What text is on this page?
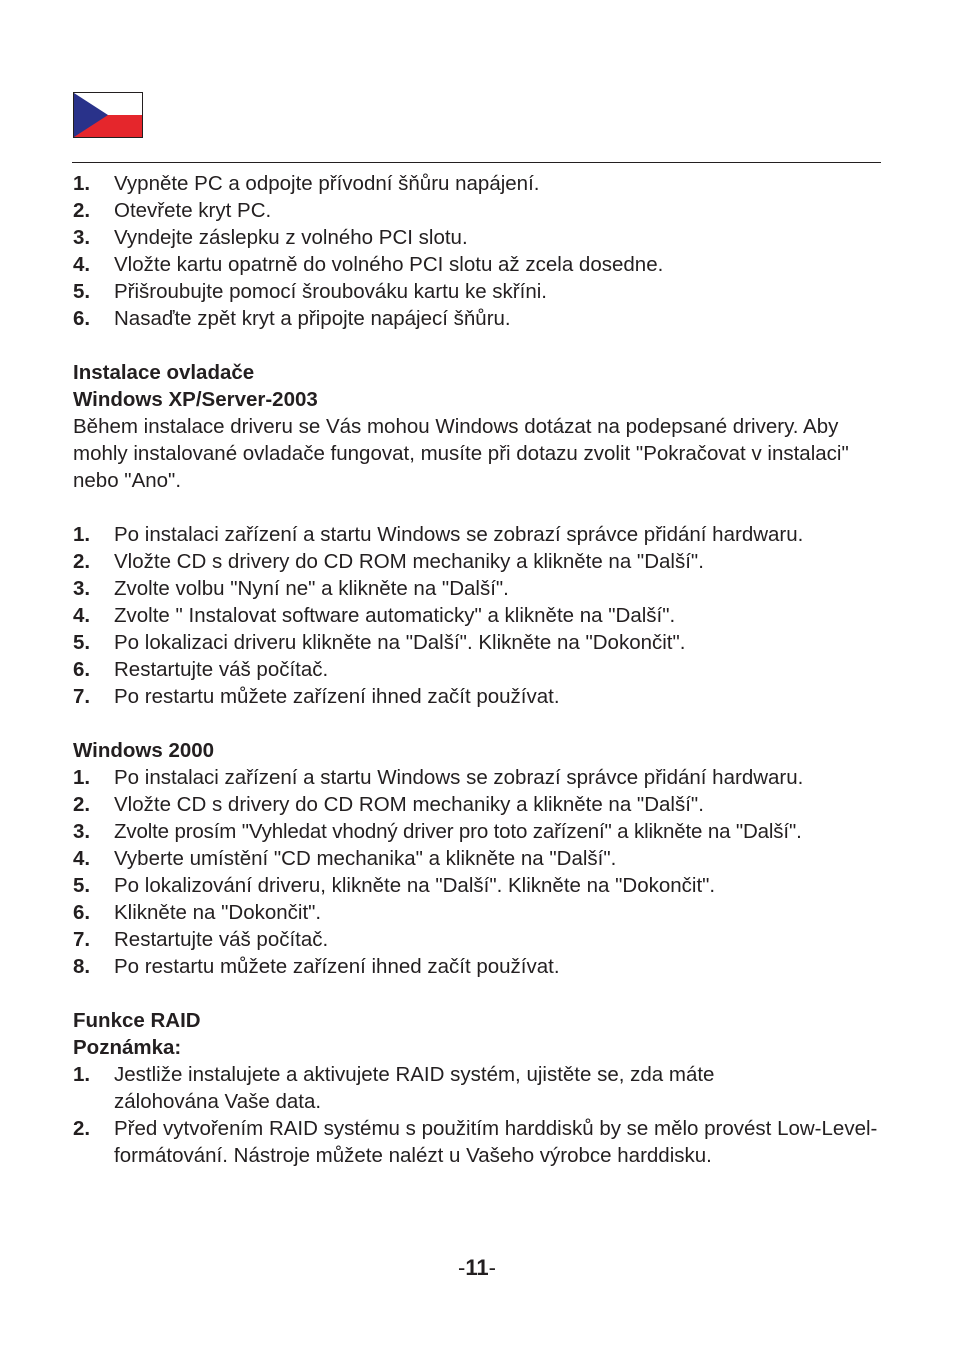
1.	Vypněte PC a odpojte přívodní šňůru napájení.
2.	Otevřete kryt PC.
3.	Vyndejte záslepku z volného PCI slotu.
4.	Vložte kartu opatrně do volného PCI slotu až zcela dosedne.
5.	Přišroubujte pomocí šroubováku kartu ke skříni.
6.	Nasaďte zpět kryt a připojte napájecí šňůru.
Instalace ovladače
Windows XP/Server-2003
Během instalace driveru se Vás mohou Windows dotázat na podepsané drivery. Aby mohly instalované ovladače fungovat, musíte při dotazu zvolit "Pokračovat v instalaci"  nebo "Ano".
1.	Po instalaci zařízení a startu Windows se zobrazí správce přidání hardwaru.
2.	Vložte CD s drivery do CD ROM mechaniky a klikněte na "Další".
3.	Zvolte volbu "Nyní ne" a klikněte na "Další".
4.	Zvolte " Instalovat software automaticky" a klikněte na "Další".
5.	Po lokalizaci driveru klikněte na "Další". Klikněte na "Dokončit".
6.	Restartujte váš počítač.
7.	Po restartu můžete zařízení ihned začít používat.
Windows 2000
1.	Po instalaci zařízení a startu Windows se zobrazí správce přidání hardwaru.
2.	Vložte CD s drivery do CD ROM mechaniky a klikněte na "Další".
3.	Zvolte prosím "Vyhledat vhodný driver pro toto zařízení" a klikněte na "Další".
4.	Vyberte umístění "CD mechanika" a klikněte na "Další".
5.	Po lokalizování driveru, klikněte na "Další". Klikněte na "Dokončit".
6.	Klikněte na "Dokončit".
7.	Restartujte váš počítač.
8.	Po restartu můžete zařízení ihned začít používat.
Funkce RAID
Poznámka:
1.	Jestliže instalujete a aktivujete RAID systém, ujistěte se, zda máte zálohována Vaše data.
2.	Před vytvořením RAID systému s použitím harddisků by se mělo provést Low-Level-formátování. Nástroje můžete nalézt u Vašeho výrobce harddisku.
-11-
